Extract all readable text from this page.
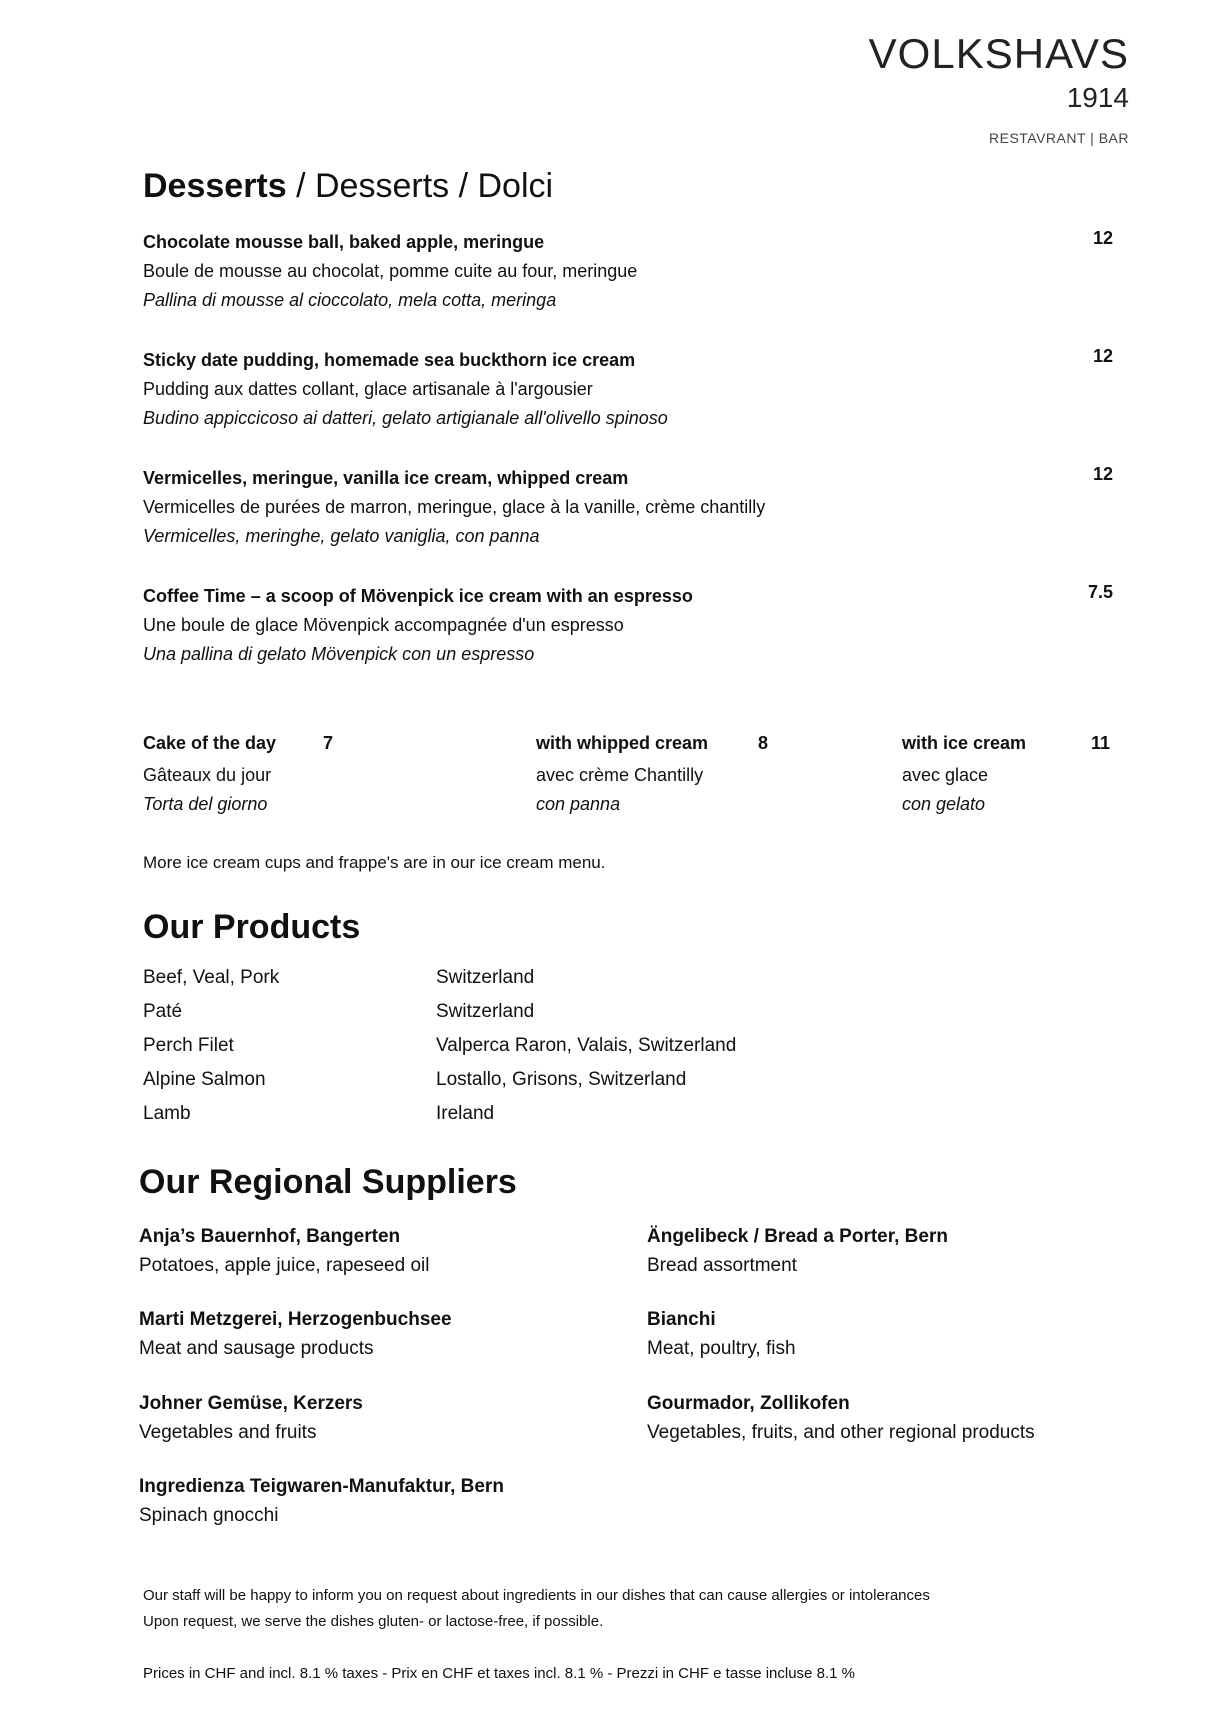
VOLKSHAVS
1914
RESTAVRANT | BAR
Desserts / Desserts / Dolci
Chocolate mousse ball, baked apple, meringue	12
Boule de mousse au chocolat, pomme cuite au four, meringue
Pallina di mousse al cioccolato, mela cotta, meringa
Sticky date pudding, homemade sea buckthorn ice cream	12
Pudding aux dattes collant, glace artisanale à l'argousier
Budino appiccicoso ai datteri, gelato artigianale all'olivello spinoso
Vermicelles, meringue, vanilla ice cream, whipped cream	12
Vermicelles de purées de marron, meringue, glace à la vanille, crème chantilly
Vermicelles, meringhe, gelato vaniglia, con panna
Coffee Time – a scoop of Mövenpick ice cream with an espresso	7.5
Une boule de glace Mövenpick accompagnée d'un espresso
Una pallina di gelato Mövenpick con un espresso
Cake of the day	7
Gâteaux du jour
Torta del giorno
with whipped cream	8
avec crème Chantilly
con panna
with ice cream	11
avec glace
con gelato
More ice cream cups and frappe's are in our ice cream menu.
Our Products
Beef, Veal, Pork	Switzerland
Paté	Switzerland
Perch Filet	Valperca Raron, Valais, Switzerland
Alpine Salmon	Lostallo, Grisons, Switzerland
Lamb	Ireland
Our Regional Suppliers
Anja’s Bauernhof, Bangerten
Potatoes, apple juice, rapeseed oil
Marti Metzgerei, Herzogenbuchsee
Meat and sausage products
Johner Gemüse, Kerzers
Vegetables and fruits
Ingredienza Teigwaren-Manufaktur, Bern
Spinach gnocchi
Ängelibeck / Bread a Porter, Bern
Bread assortment
Bianchi
Meat, poultry, fish
Gourmador, Zollikofen
Vegetables, fruits, and other regional products
Our staff will be happy to inform you on request about ingredients in our dishes that can cause allergies or intolerances
Upon request, we serve the dishes gluten- or lactose-free, if possible.
Prices in CHF and incl. 8.1 % taxes - Prix en CHF et taxes incl. 8.1 % - Prezzi in CHF e tasse incluse 8.1 %
